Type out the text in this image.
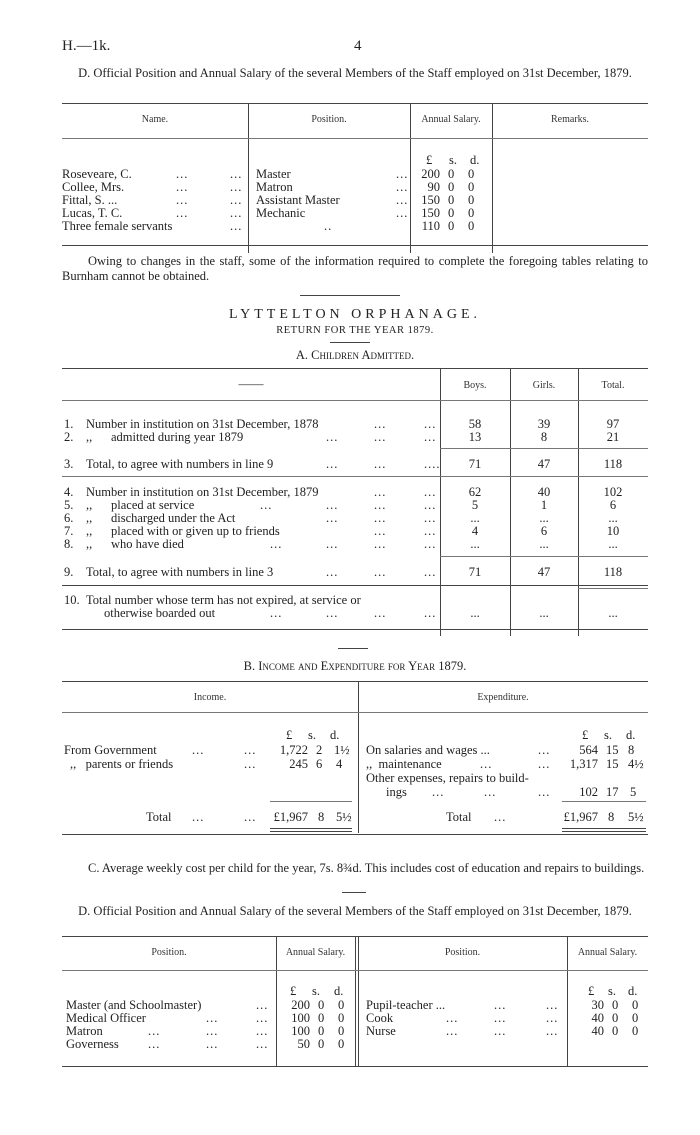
H.—1k.	4
D. Official Position and Annual Salary of the several Members of the Staff employed on 31st December, 1879.
Name.	Position.	Annual Salary.	Remarks.
£ s. d.
Roseveare, C.	...	... Master	...	200 0 0
Collee, Mrs.	...	... Matron	...	90 0 0
Fittal, S. ...	...	... Assistant Master	...	150 0 0
Lucas, T. C.	...	... Mechanic	...	150 0 0
Three female servants	...	..	110 0 0
Owing to changes in the staff, some of the information required to complete the foregoing tables relating to Burnham cannot be obtained.
LYTTELTON ORPHANAGE.
RETURN FOR THE YEAR 1879.
A. Children Admitted.
——	Boys.	Girls.	Total.
1. Number in institution on 31st December, 1878	...	...	58	39	97
2. ,,      admitted during year 1879	...	...	...	13	8	21
3. Total, to agree with numbers in line 9	...	...	....	71	47	118
4. Number in institution on 31st December, 1879	...	...	62	40	102
5. ,,      placed at service	...	...	...	...	5	1	6
6. ,,      discharged under the Act	...	...	...	...	...	...
7. ,,      placed with or given up to friends	...	...	4	6	10
8. ,,      who have died	...	...	...	...	...	...	...
9. Total, to agree with numbers in line 3	...	...	...	71	47	118
10. Total number whose term has not expired, at service or
otherwise boarded out	...	...	...	...	...	...	...
B. Income and Expenditure for Year 1879.
Income.	Expenditure.
£ s. d.	£ s. d.
From Government	...	...	1,722 2 1½
,,   parents or friends	...	245 6 4
Total ...	...	£1,967 8 5½
On salaries and wages ...	...	564 15 8
,,  maintenance	...	...	1,317 15 4½
Other expenses, repairs to build-
ings ...	...	...	102 17 5
Total ...	£1,967 8 5½
C. Average weekly cost per child for the year, 7s. 8¾d. This includes cost of education and repairs to buildings.
D. Official Position and Annual Salary of the several Members of the Staff employed on 31st December, 1879.
Position.	Annual Salary.	Position.	Annual Salary.
£ s. d.	£ s. d.
Master (and Schoolmaster)	...	200 0 0
Medical Officer	...	...	100 0 0
Matron	...	...	...	100 0 0
Governess ...	...	...	50 0 0
Pupil-teacher ...	...	...	30 0 0
Cook	...	...	...	40 0 0
Nurse	...	...	...	40 0 0
